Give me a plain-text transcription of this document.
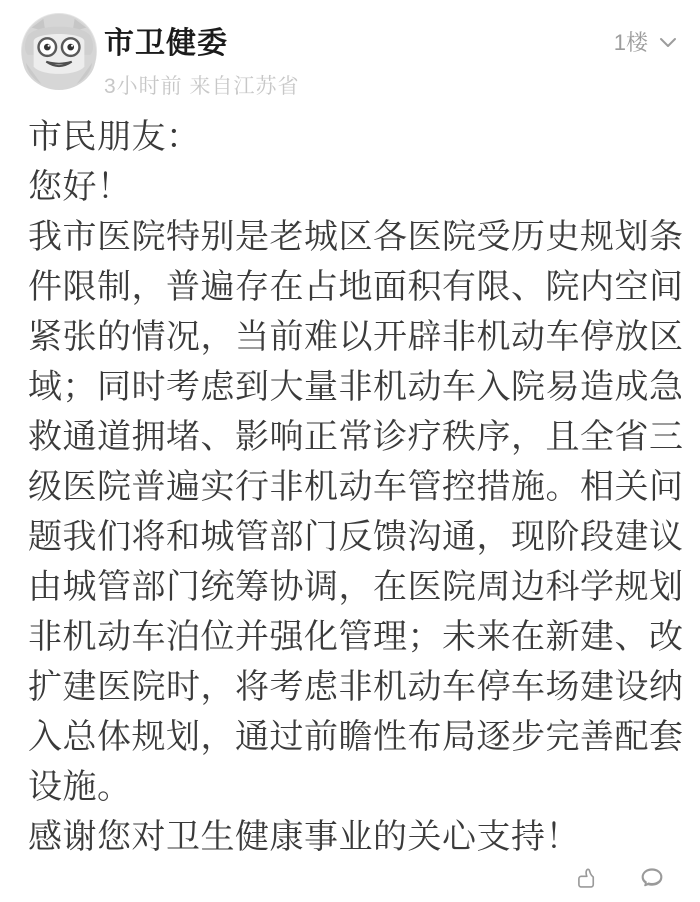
市卫健委
3小时前 来自江苏省
1楼
市民朋友：
您好！
我市医院特别是老城区各医院受历史规划条
件限制，普遍存在占地面积有限、院内空间
紧张的情况，当前难以开辟非机动车停放区
域；同时考虑到大量非机动车入院易造成急
救通道拥堵、影响正常诊疗秩序，且全省三
级医院普遍实行非机动车管控措施。相关问
题我们将和城管部门反馈沟通，现阶段建议
由城管部门统筹协调，在医院周边科学规划
非机动车泊位并强化管理；未来在新建、改
扩建医院时，将考虑非机动车停车场建设纳
入总体规划，通过前瞻性布局逐步完善配套
设施。
感谢您对卫生健康事业的关心支持！
